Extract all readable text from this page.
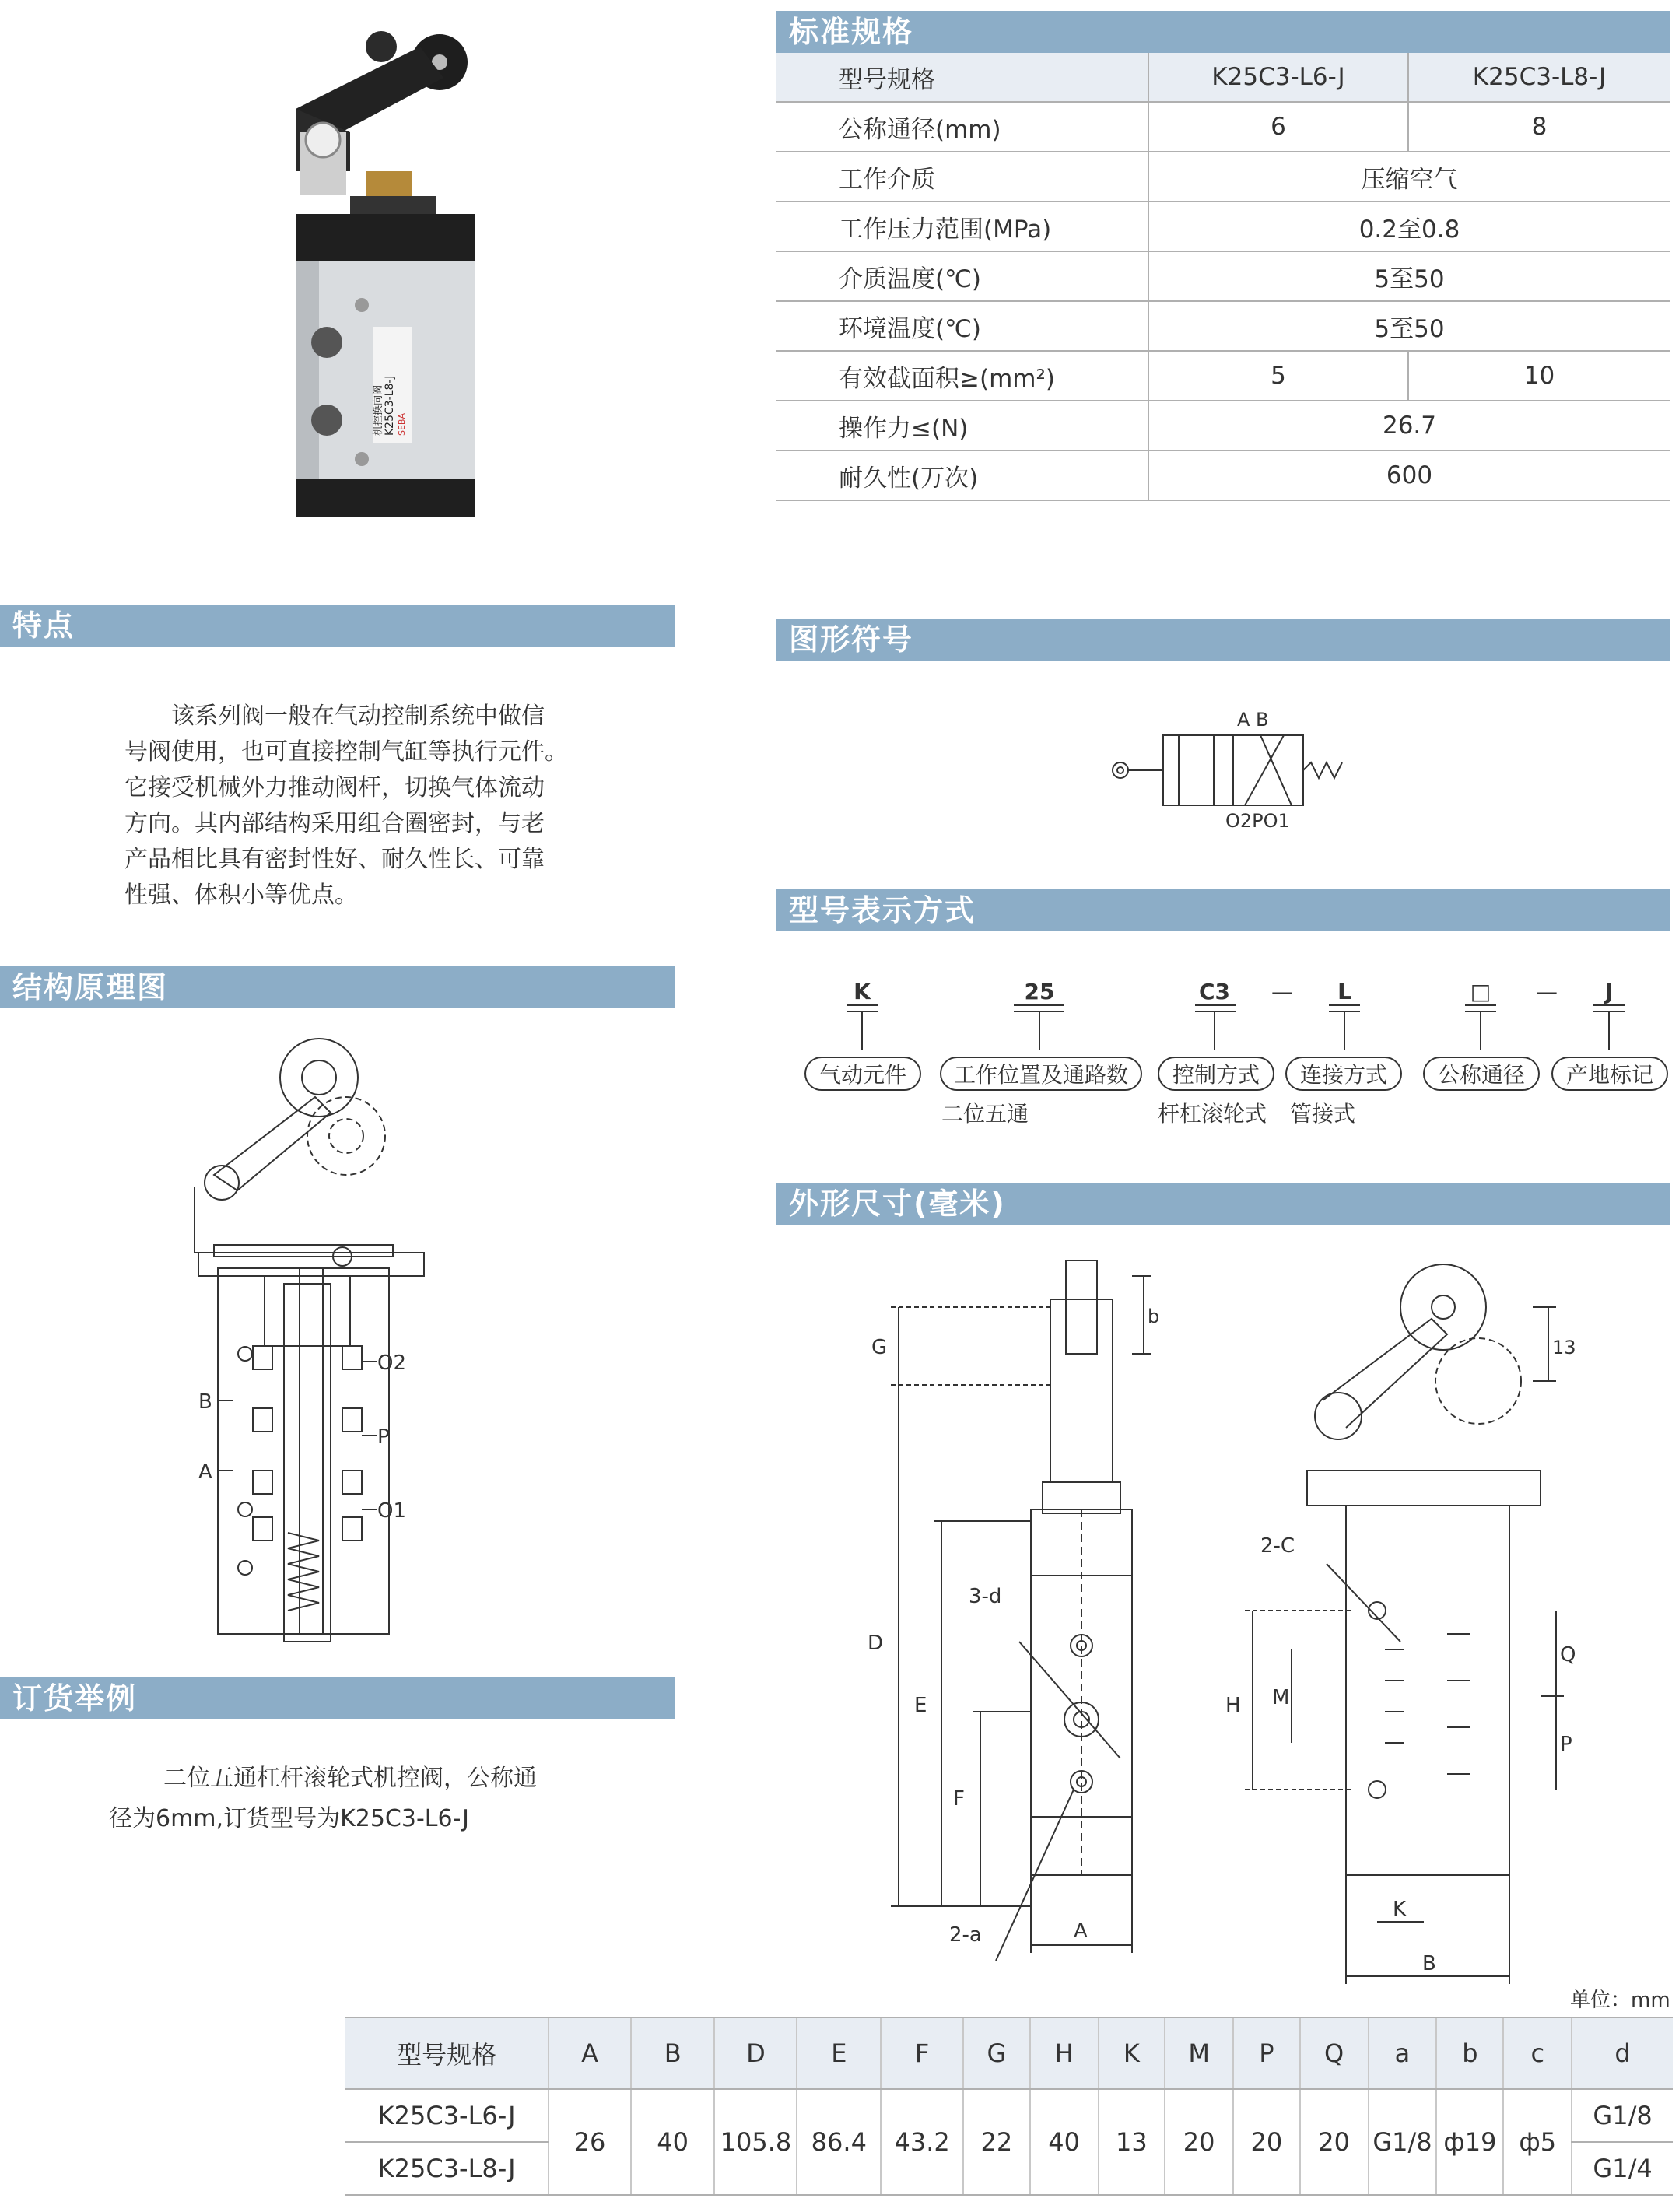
K25C3-L8-J
机控换向阀 SEBA
标准规格
型号规格	K25C3-L6-J	K25C3-L8-J
公称通径(mm)	6	8
工作介质	压缩空气	
工作压力范围(MPa)	0.2至0.8	
介质温度(℃)	5至50	
环境温度(℃)	5至50	
有效截面积≥(mm²)	5	10
操作力≤(N)	26.7	
耐久性(万次)	600	
特点
该系列阀一般在气动控制系统中做信
号阀使用，也可直接控制气缸等执行元件。
它接受机械外力推动阀杆，切换气体流动
方向。其内部结构采用组合圈密封，与老
产品相比具有密封性好、耐久性长、可靠
性强、体积小等优点。
结构原理图
O2
B
P
A
O1
订货举例
二位五通杠杆滚轮式机控阀，公称通
径为6mm,订货型号为K25C3-L6-J
图形符号
A B
O2PO1
型号表示方式
K	25	C3	—	L	□	—	J
气动元件	工作位置及通路数	控制方式	连接方式	公称通径	产地标记
二位五通	杆杠滚轮式 管接式
外形尺寸(毫米)
G
b
D
E
F
A
3-d
2-a
H M
Q
P
K
B
2-C
13
单位：mm
型号规格	A	B	D	E	F	G	H	K	M	P	Q	a	b	c	d
K25C3-L6-J	26	40	105.8	86.4	43.2	22	40	13	20	20	20	G1/8	ф19	ф5	G1/8
K25C3-L8-J															G1/4
